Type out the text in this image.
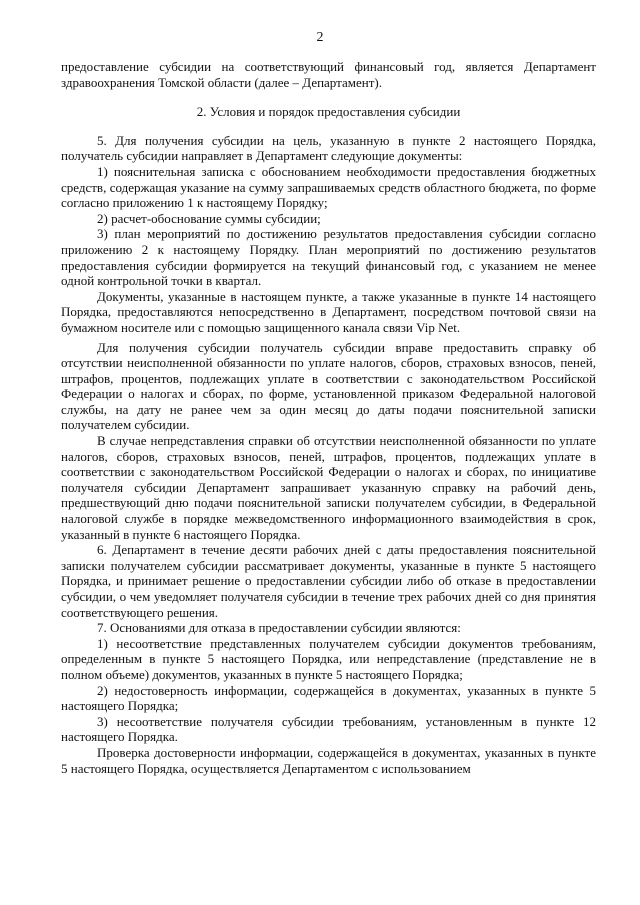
2

предоставление субсидии на соответствующий финансовый год, является Департамент здравоохранения Томской области (далее – Департамент).

2. Условия и порядок предоставления субсидии

5. Для получения субсидии на цель, указанную в пункте 2 настоящего Порядка, получатель субсидии направляет в Департамент следующие документы:

1) пояснительная записка с обоснованием необходимости предоставления бюджетных средств, содержащая указание на сумму запрашиваемых средств областного бюджета, по форме согласно приложению 1 к настоящему Порядку;

2) расчет-обоснование суммы субсидии;

3) план мероприятий по достижению результатов предоставления субсидии согласно приложению 2 к настоящему Порядку. План мероприятий по достижению результатов предоставления субсидии формируется на текущий финансовый год, с указанием не менее одной контрольной точки в квартал.

Документы, указанные в настоящем пункте, а также указанные в пункте 14 настоящего Порядка, предоставляются непосредственно в Департамент, посредством почтовой связи на бумажном носителе или с помощью защищенного канала связи Vip Net.

Для получения субсидии получатель субсидии вправе предоставить справку об отсутствии неисполненной обязанности по уплате налогов, сборов, страховых взносов, пеней, штрафов, процентов, подлежащих уплате в соответствии с законодательством Российской Федерации о налогах и сборах, по форме, установленной приказом Федеральной налоговой службы, на дату не ранее чем за один месяц до даты подачи пояснительной записки получателем субсидии.

В случае непредставления справки об отсутствии неисполненной обязанности по уплате налогов, сборов, страховых взносов, пеней, штрафов, процентов, подлежащих уплате в соответствии с законодательством Российской Федерации о налогах и сборах, по инициативе получателя субсидии Департамент запрашивает указанную справку на рабочий день, предшествующий дню подачи пояснительной записки получателем субсидии, в Федеральной налоговой службе в порядке межведомственного информационного взаимодействия в срок, указанный в пункте 6 настоящего Порядка.

6. Департамент в течение десяти рабочих дней с даты предоставления пояснительной записки получателем субсидии рассматривает документы, указанные в пункте 5 настоящего Порядка, и принимает решение о предоставлении субсидии либо об отказе в предоставлении субсидии, о чем уведомляет получателя субсидии в течение трех рабочих дней со дня принятия соответствующего решения.

7. Основаниями для отказа в предоставлении субсидии являются:

1) несоответствие представленных получателем субсидии документов требованиям, определенным в пункте 5 настоящего Порядка, или непредставление (представление не в полном объеме) документов, указанных в пункте 5 настоящего Порядка;

2) недостоверность информации, содержащейся в документах, указанных в пункте 5 настоящего Порядка;

3) несоответствие получателя субсидии требованиям, установленным в пункте 12 настоящего Порядка.

Проверка достоверности информации, содержащейся в документах, указанных в пункте 5 настоящего Порядка, осуществляется Департаментом с использованием
